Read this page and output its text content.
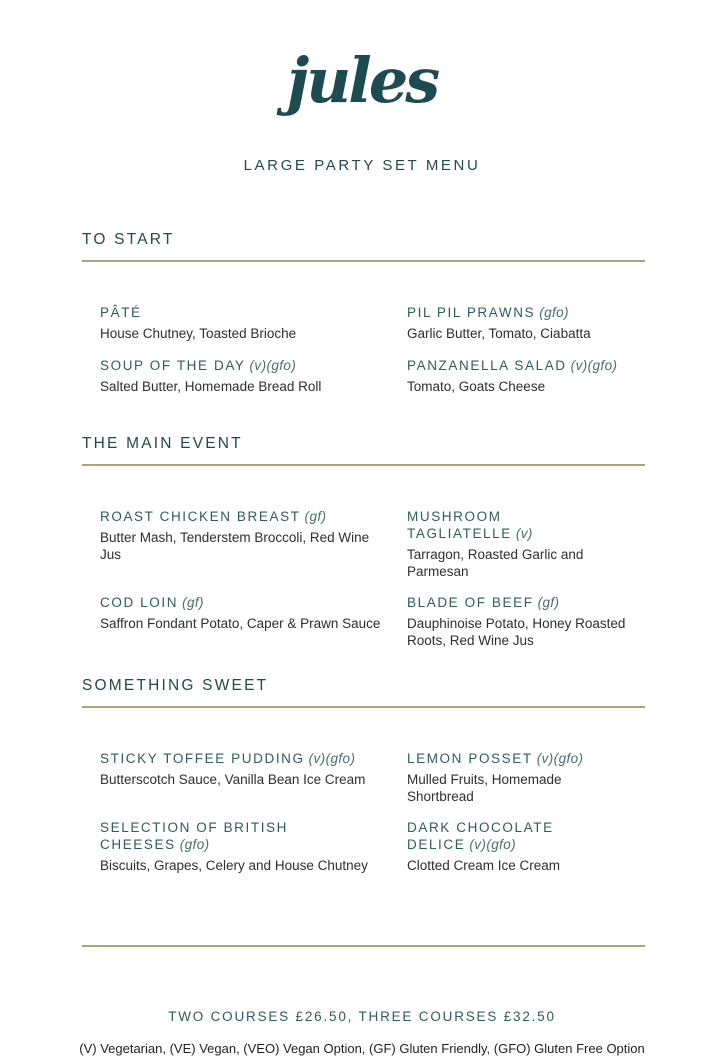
jules
LARGE PARTY SET MENU
TO START
PÂTÉ
House Chutney, Toasted Brioche
PIL PIL PRAWNS (gfo)
Garlic Butter, Tomato, Ciabatta
SOUP OF THE DAY (v)(gfo)
Salted Butter, Homemade Bread Roll
PANZANELLA SALAD (v)(gfo)
Tomato, Goats Cheese
THE MAIN EVENT
ROAST CHICKEN BREAST (gf)
Butter Mash, Tenderstem Broccoli, Red Wine Jus
MUSHROOM TAGLIATELLE (v)
Tarragon, Roasted Garlic and Parmesan
COD LOIN (gf)
Saffron Fondant Potato, Caper & Prawn Sauce
BLADE OF BEEF (gf)
Dauphinoise Potato, Honey Roasted Roots, Red Wine Jus
SOMETHING SWEET
STICKY TOFFEE PUDDING (v)(gfo)
Butterscotch Sauce, Vanilla Bean Ice Cream
LEMON POSSET (v)(gfo)
Mulled Fruits, Homemade Shortbread
SELECTION OF BRITISH CHEESES (gfo)
Biscuits, Grapes, Celery and House Chutney
DARK CHOCOLATE DELICE (v)(gfo)
Clotted Cream Ice Cream
TWO COURSES £26.50, THREE COURSES £32.50
(V) Vegetarian, (VE) Vegan, (VEO) Vegan Option, (GF) Gluten Friendly, (GFO) Gluten Free Option
